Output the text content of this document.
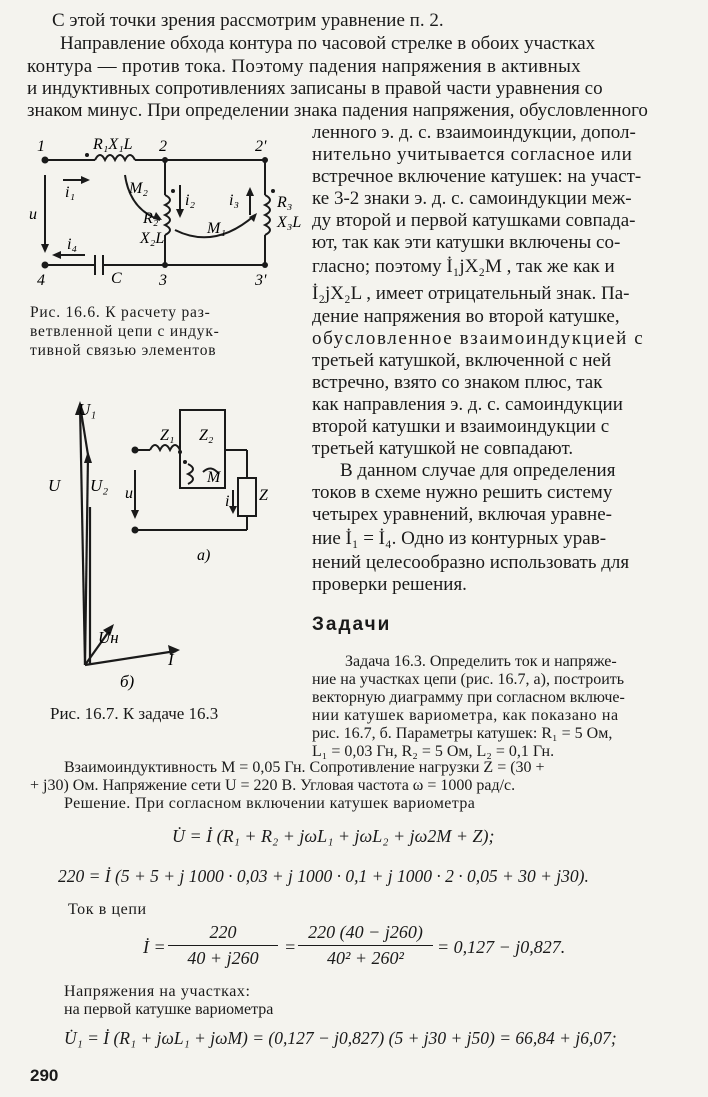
С этой точки зрения рассмотрим уравнение п. 2.
Направление обхода контура по часовой стрелке в обоих участках
контура — против тока. Поэтому падения напряжения в активных
и индуктивных сопротивлениях записаны в правой части уравнения со
знаком минус. При определении знака падения напряжения, обусловленного
ленного э. д. с. взаимоиндукции, допол-
нительно учитывается согласное или
встречное включение катушек: на участ-
ке 3-2 знаки э. д. с. самоиндукции меж-
ду второй и первой катушками совпада-
ют, так как эти катушки включены со-
гласно; поэтому İ₁jX₂M , так же как и
İ₂jX₂L , имеет отрицательный знак. Па-
дение напряжения во второй катушке,
обусловленное взаимоиндукцией с
третьей катушкой, включенной с ней
встречно, взято со знаком плюс, так
как направления э. д. с. самоиндукции
второй катушки и взаимоиндукции с
третьей катушкой не совпадают.
В данном случае для определения
токов в схеме нужно решить систему
четырех уравнений, включая уравне-
ние İ₁ = İ₄. Одно из контурных урав-
нений целесообразно использовать для
проверки решения.
1	2	2'
3	3'
4
R₁X₁L
i₁	M₂
i₂ i₃
M₁
R₂
X₂L
R₃
X₃L
u
i₄
C
Рис. 16.6. К расчету раз-
ветвленной цепи с индук-
тивной связью элементов
U₁
U U₂
Uн
I
б)
Z₁ Z₂
M
u	i Z
а)
Рис. 16.7. К задаче 16.3
Задачи
Задача 16.3. Определить ток и напряже-
ние на участках цепи (рис. 16.7, а), построить
векторную диаграмму при согласном включе-
нии катушек вариометра, как показано на
рис. 16.7, б. Параметры катушек: R₁ = 5 Ом,
L₁ = 0,03 Гн, R₂ = 5 Ом, L₂ = 0,1 Гн.
Взаимоиндуктивность M = 0,05 Гн. Сопротивление нагрузки Z = (30 +
+ j30) Ом. Напряжение сети U = 220 В. Угловая частота ω = 1000 рад/с.
Решение. При согласном включении катушек вариометра
U̇ = İ (R₁ + R₂ + jωL₁ + jωL₂ + jω2M + Z);
220 = İ (5 + 5 + j 1000 · 0,03 + j 1000 · 0,1 + j 1000 · 2 · 0,05 + 30 + j30).
Ток в цепи
İ =
220
40 + j260
=
220 (40 − j260)
40² + 260²
= 0,127 − j0,827.
Напряжения на участках:
на первой катушке вариометра
U̇₁ = İ (R₁ + jωL₁ + jωM) = (0,127 − j0,827) (5 + j30 + j50) = 66,84 + j6,07;
290
